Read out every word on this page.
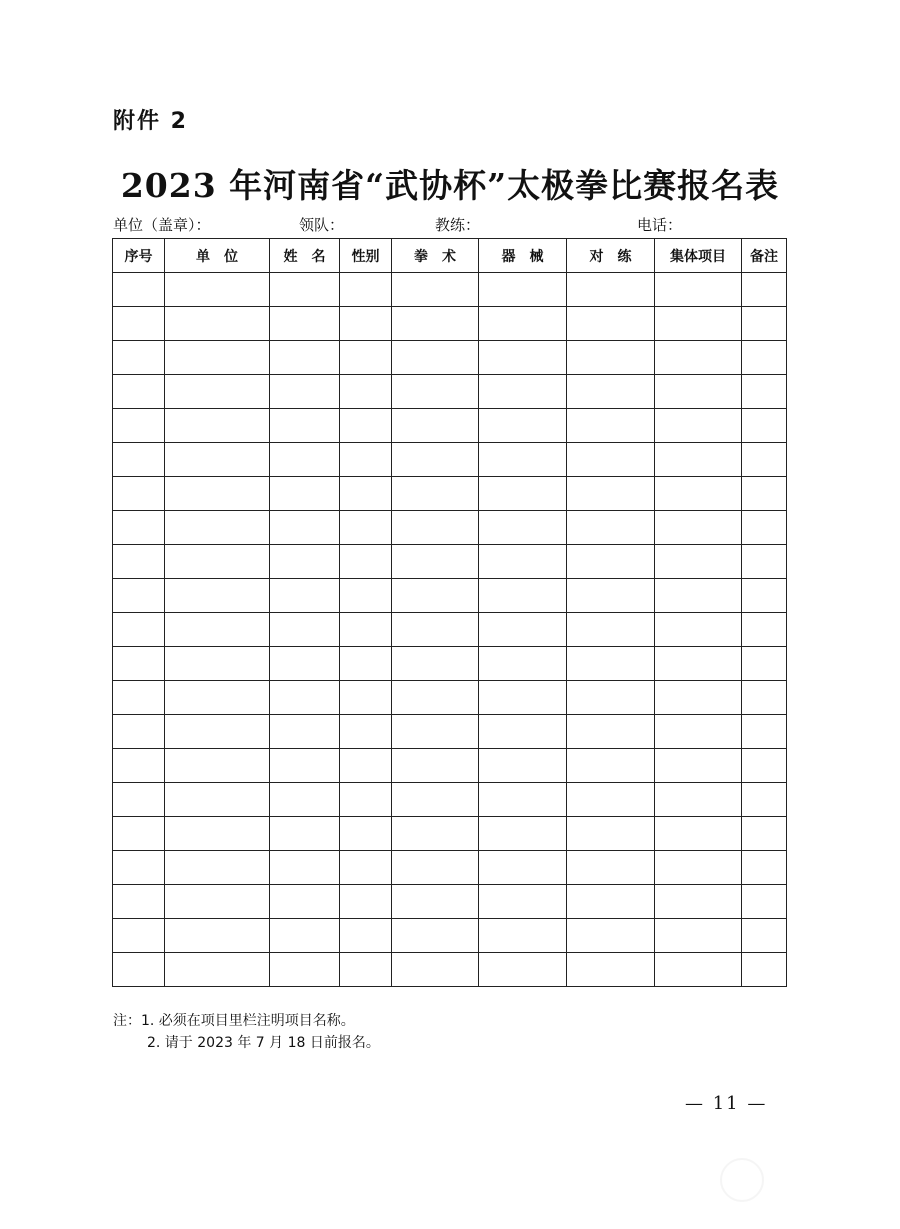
附件 2
2023 年河南省“武协杯”太极拳比赛报名表
单位（盖章）：	领队：	教练：	电话：
序号	单　位	姓　名	性别	拳　术	器　械	对　练	集体项目	备注

注：1. 必须在项目里栏注明项目名称。
2. 请于 2023 年 7 月 18 日前报名。
— 11 —
